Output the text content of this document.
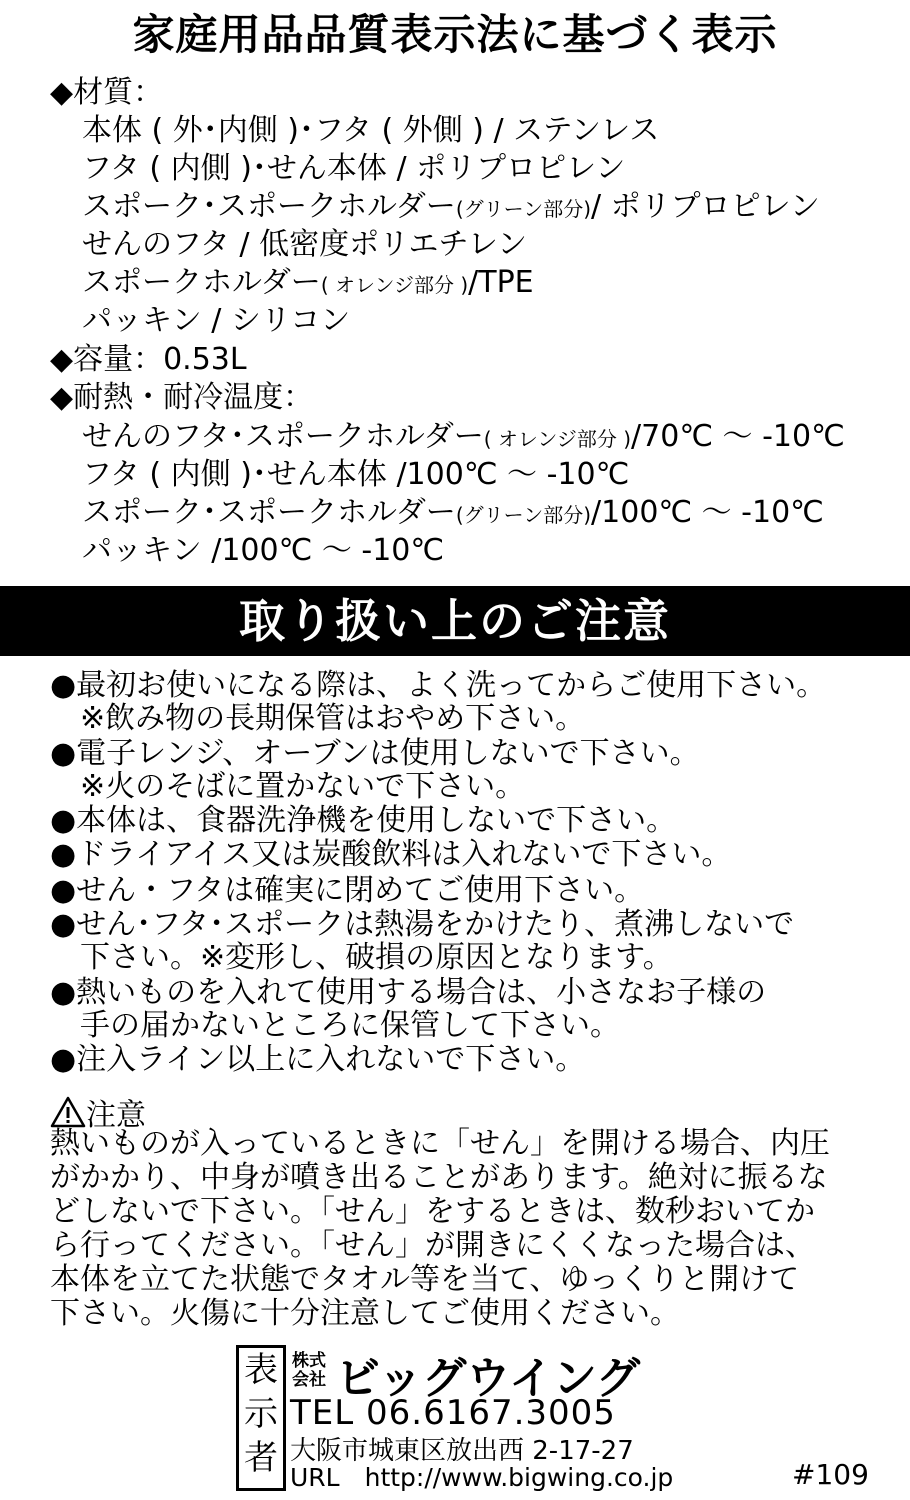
家庭用品品質表示法に基づく表示
◆材質：
本体 ( 外･内側 )･フタ ( 外側 ) / ステンレス
フタ ( 内側 )･せん本体 / ポリプロピレン
スポーク･スポークホルダー(グリーン部分)/ ポリプロピレン
せんのフタ / 低密度ポリエチレン
スポークホルダー( オレンジ部分 )/TPE
パッキン / シリコン
◆容量：0.53L
◆耐熱・耐冷温度：
せんのフタ･スポークホルダー( オレンジ部分 )/70℃ 〜 -10℃
フタ ( 内側 )･せん本体 /100℃ 〜 -10℃
スポーク･スポークホルダー(グリーン部分)/100℃ 〜 -10℃
パッキン /100℃ 〜 -10℃
取り扱い上のご注意
●最初お使いになる際は、よく洗ってからご使用下さい。
　※飲み物の長期保管はおやめ下さい。
●電子レンジ、オーブンは使用しないで下さい。
　※火のそばに置かないで下さい。
●本体は、食器洗浄機を使用しないで下さい。
●ドライアイス又は炭酸飲料は入れないで下さい。
●せん・フタは確実に閉めてご使用下さい。
●せん･フタ･スポークは熱湯をかけたり、煮沸しないで
　下さい。※変形し、破損の原因となります。
●熱いものを入れて使用する場合は、小さなお子様の
　手の届かないところに保管して下さい。
●注入ライン以上に入れないで下さい。
注意
熱いものが入っているときに「せん」を開ける場合、内圧
がかかり、中身が噴き出ることがあります。絶対に振るな
どしないで下さい。「せん」をするときは、数秒おいてか
ら行ってください。「せん」が開きにくくなった場合は、
本体を立てた状態でタオル等を当て、ゆっくりと開けて
下さい。火傷に十分注意してご使用ください。
表
示
者
株式
会社 ビッグウイング
TEL 06.6167.3005
大阪市城東区放出西 2-17-27
URL　http://www.bigwing.co.jp	#109
